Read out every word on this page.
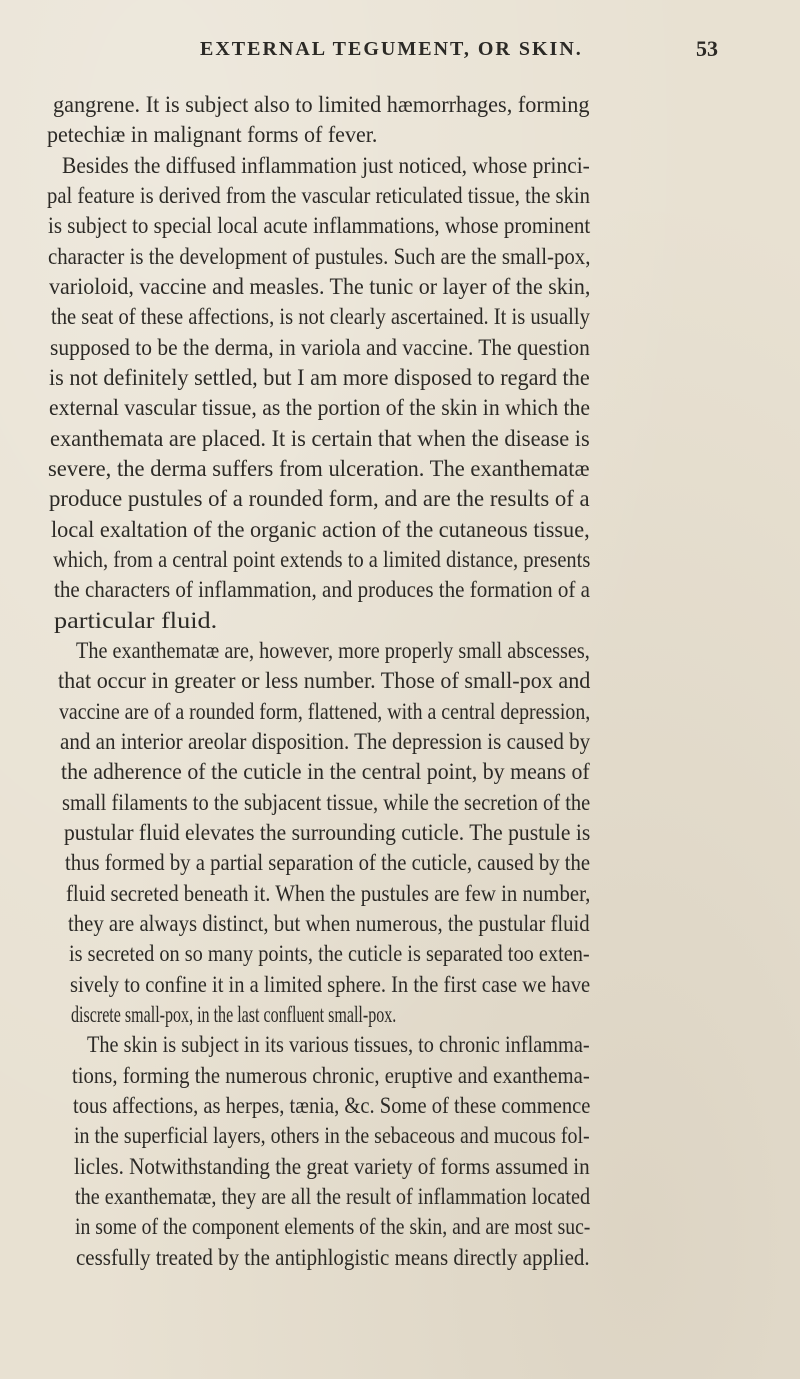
EXTERNAL TEGUMENT, OR SKIN.	53
gangrene. It is subject also to limited hæmorrhages, forming
petechiæ in malignant forms of fever.
Besides the diffused inflammation just noticed, whose princi-
pal feature is derived from the vascular reticulated tissue, the skin
is subject to special local acute inflammations, whose prominent
character is the development of pustules. Such are the small-pox,
varioloid, vaccine and measles. The tunic or layer of the skin,
the seat of these affections, is not clearly ascertained. It is usually
supposed to be the derma, in variola and vaccine. The question
is not definitely settled, but I am more disposed to regard the
external vascular tissue, as the portion of the skin in which the
exanthemata are placed. It is certain that when the disease is
severe, the derma suffers from ulceration. The exanthematæ
produce pustules of a rounded form, and are the results of a
local exaltation of the organic action of the cutaneous tissue,
which, from a central point extends to a limited distance, presents
the characters of inflammation, and produces the formation of a
particular fluid.
The exanthematæ are, however, more properly small abscesses,
that occur in greater or less number. Those of small-pox and
vaccine are of a rounded form, flattened, with a central depression,
and an interior areolar disposition. The depression is caused by
the adherence of the cuticle in the central point, by means of
small filaments to the subjacent tissue, while the secretion of the
pustular fluid elevates the surrounding cuticle. The pustule is
thus formed by a partial separation of the cuticle, caused by the
fluid secreted beneath it. When the pustules are few in number,
they are always distinct, but when numerous, the pustular fluid
is secreted on so many points, the cuticle is separated too exten-
sively to confine it in a limited sphere. In the first case we have
discrete small-pox, in the last confluent small-pox.
The skin is subject in its various tissues, to chronic inflamma-
tions, forming the numerous chronic, eruptive and exanthema-
tous affections, as herpes, tænia, &c. Some of these commence
in the superficial layers, others in the sebaceous and mucous fol-
licles. Notwithstanding the great variety of forms assumed in
the exanthematæ, they are all the result of inflammation located
in some of the component elements of the skin, and are most suc-
cessfully treated by the antiphlogistic means directly applied.
